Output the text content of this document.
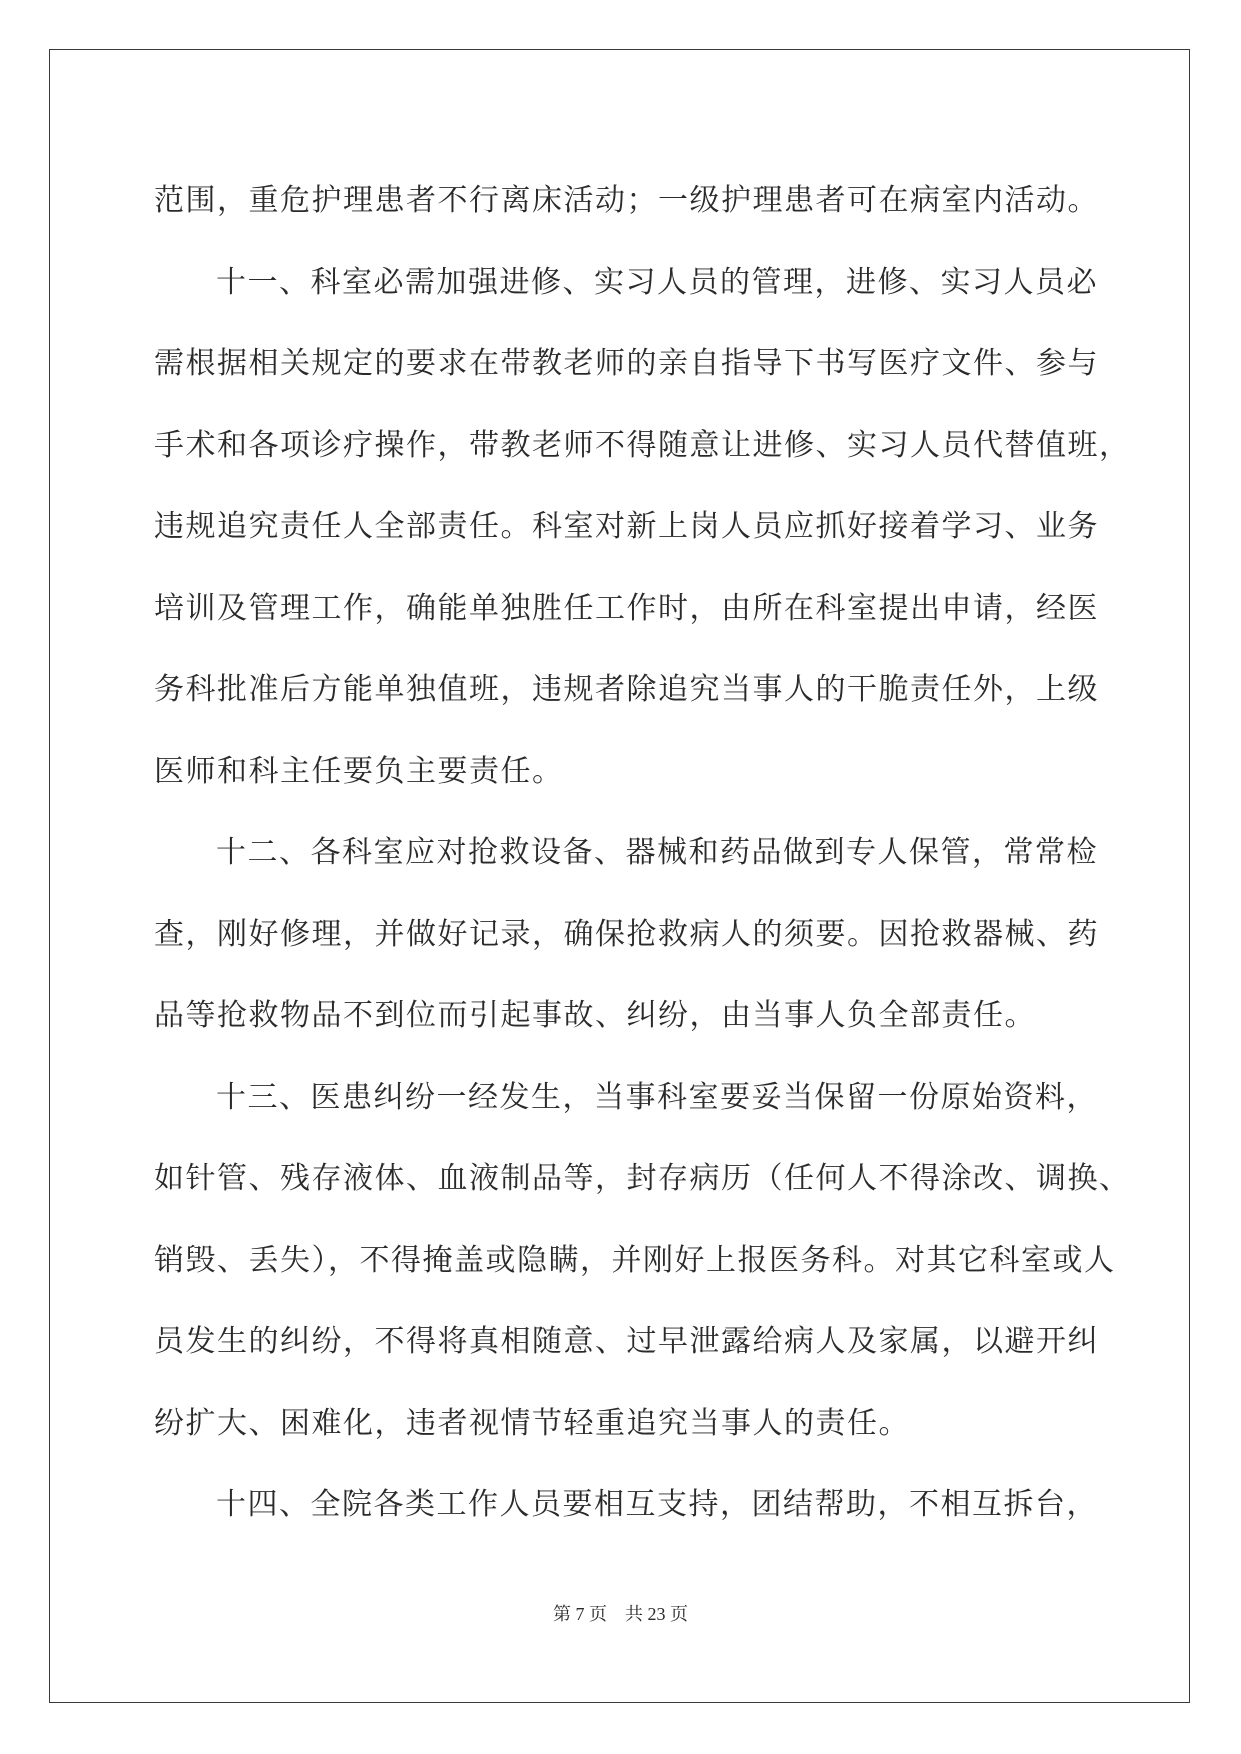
范围，重危护理患者不行离床活动；一级护理患者可在病室内活动。
十一、科室必需加强进修、实习人员的管理，进修、实习人员必
需根据相关规定的要求在带教老师的亲自指导下书写医疗文件、参与
手术和各项诊疗操作，带教老师不得随意让进修、实习人员代替值班，
违规追究责任人全部责任。科室对新上岗人员应抓好接着学习、业务
培训及管理工作，确能单独胜任工作时，由所在科室提出申请，经医
务科批准后方能单独值班，违规者除追究当事人的干脆责任外，上级
医师和科主任要负主要责任。
十二、各科室应对抢救设备、器械和药品做到专人保管，常常检
查，刚好修理，并做好记录，确保抢救病人的须要。因抢救器械、药
品等抢救物品不到位而引起事故、纠纷，由当事人负全部责任。
十三、医患纠纷一经发生，当事科室要妥当保留一份原始资料，
如针管、残存液体、血液制品等，封存病历（任何人不得涂改、调换、
销毁、丢失），不得掩盖或隐瞒，并刚好上报医务科。对其它科室或人
员发生的纠纷，不得将真相随意、过早泄露给病人及家属，以避开纠
纷扩大、困难化，违者视情节轻重追究当事人的责任。
十四、全院各类工作人员要相互支持，团结帮助，不相互拆台，
第 7 页    共 23 页
